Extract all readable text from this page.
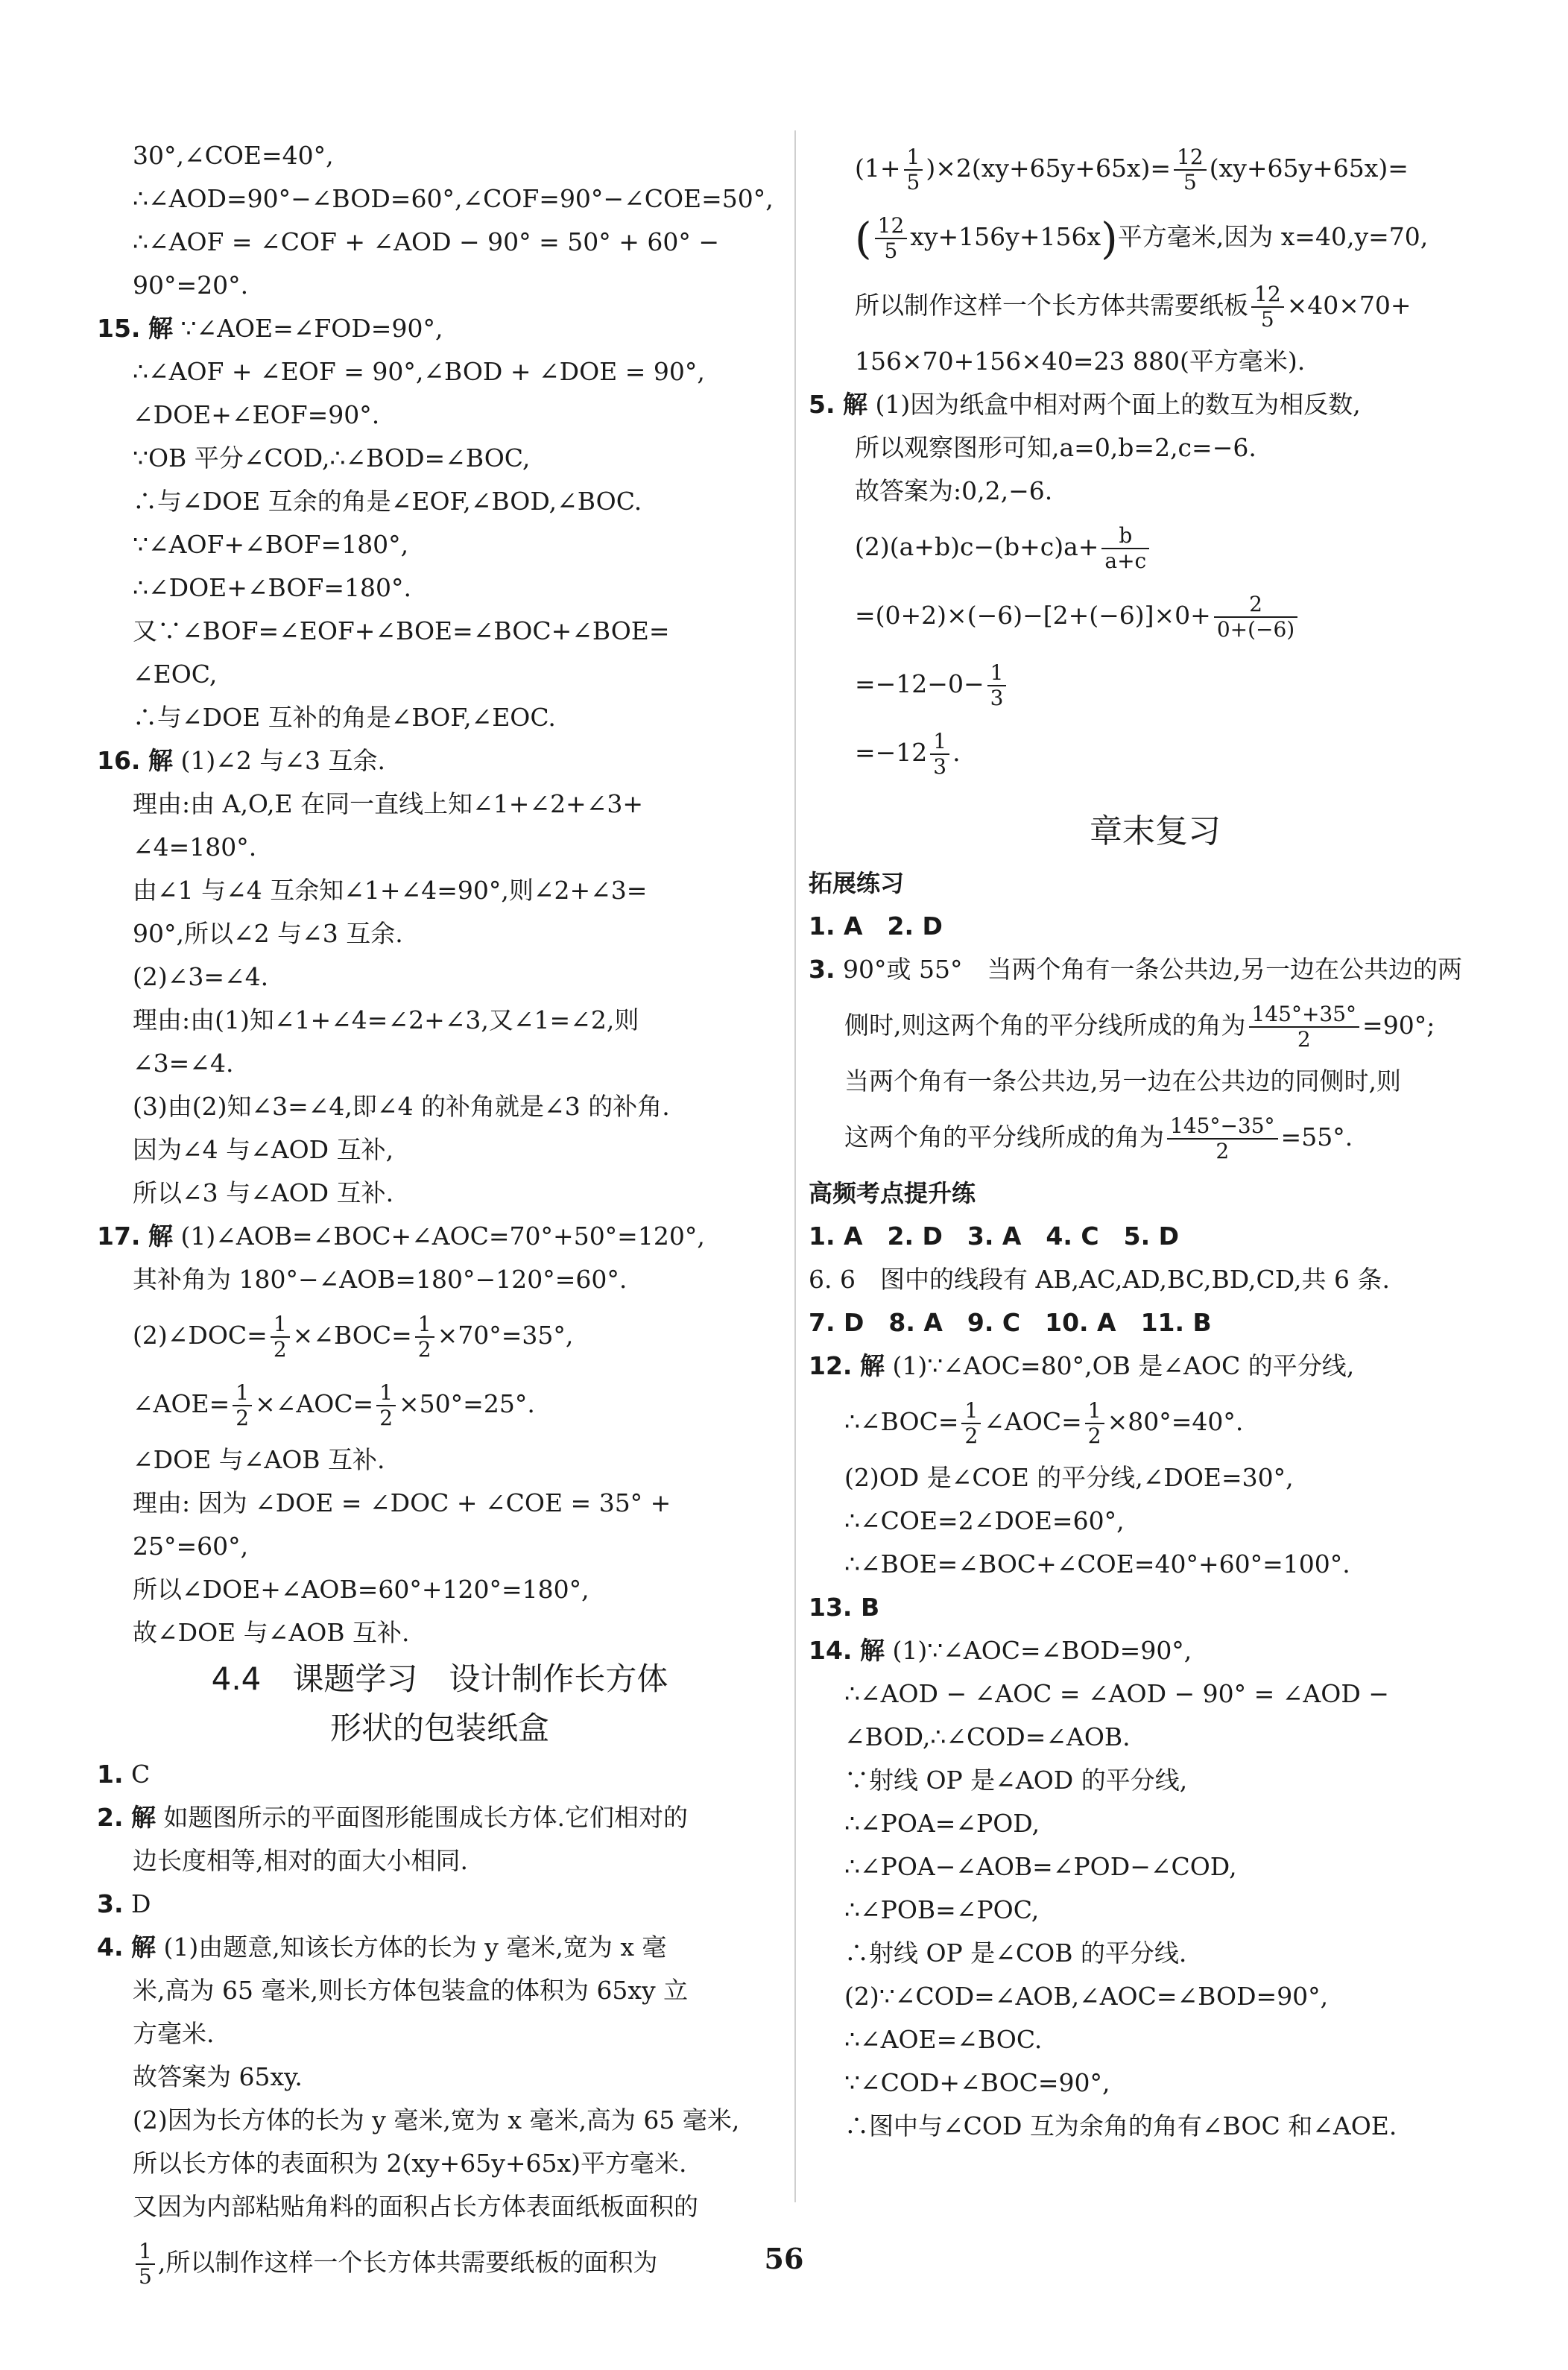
30°,∠COE=40°,
∴∠AOD=90°−∠BOD=60°,∠COF=90°−∠COE=50°,
∴∠AOF = ∠COF + ∠AOD − 90° = 50° + 60° −
90°=20°.
15. 解 ∵∠AOE=∠FOD=90°,
∴∠AOF + ∠EOF = 90°,∠BOD + ∠DOE = 90°,
∠DOE+∠EOF=90°.
∵OB 平分∠COD,∴∠BOD=∠BOC,
∴与∠DOE 互余的角是∠EOF,∠BOD,∠BOC.
∵∠AOF+∠BOF=180°,
∴∠DOE+∠BOF=180°.
又∵∠BOF=∠EOF+∠BOE=∠BOC+∠BOE=
∠EOC,
∴与∠DOE 互补的角是∠BOF,∠EOC.
16. 解 (1)∠2 与∠3 互余.
理由:由 A,O,E 在同一直线上知∠1+∠2+∠3+
∠4=180°.
由∠1 与∠4 互余知∠1+∠4=90°,则∠2+∠3=
90°,所以∠2 与∠3 互余.
(2)∠3=∠4.
理由:由(1)知∠1+∠4=∠2+∠3,又∠1=∠2,则
∠3=∠4.
(3)由(2)知∠3=∠4,即∠4 的补角就是∠3 的补角.
因为∠4 与∠AOD 互补,
所以∠3 与∠AOD 互补.
17. 解 (1)∠AOB=∠BOC+∠AOC=70°+50°=120°,
其补角为 180°−∠AOB=180°−120°=60°.
(2)∠DOC= $\frac{1}{2}$ ×∠BOC= $\frac{1}{2} \times 70^\circ=35^\circ$,
∠AOE= $\frac{1}{2}$ ×∠AOC= $\frac{1}{2} \times 50^\circ=25^\circ$.
∠DOE 与∠AOB 互补.
理由: 因为 ∠DOE = ∠DOC + ∠COE = 35° +
25°=60°,
所以∠DOE+∠AOB=60°+120°=180°,
故∠DOE 与∠AOB 互补.
4.4　课题学习　设计制作长方体
形状的包装纸盒
1. C
2. 解 如题图所示的平面图形能围成长方体.它们相对的
边长度相等,相对的面大小相同.
3. D
4. 解 (1)由题意,知该长方体的长为 y 毫米,宽为 x 毫
米,高为 65 毫米,则长方体包装盒的体积为 65xy 立
方毫米.
故答案为 65xy.
(2)因为长方体的长为 y 毫米,宽为 x 毫米,高为 65 毫米,
所以长方体的表面积为 2(xy+65y+65x)平方毫米.
又因为内部粘贴角料的面积占长方体表面纸板面积的
$\frac{1}{5}$ ,所以制作这样一个长方体共需要纸板的面积为
$(1+ \frac{1}{5} )\times 2(xy+65y+65x)= \frac{12}{5} (xy+65y+65x)=$
( $\frac{12}{5} xy+156y+156x$)平方毫米,因为 x=40,y=70,
所以制作这样一个长方体共需要纸板 $\frac{12}{5} \times 40\times 70+$
156×70+156×40=23 880(平方毫米).
5. 解 (1)因为纸盒中相对两个面上的数互为相反数,
所以观察图形可知,a=0,b=2,c=−6.
故答案为:0,2,−6.
$(2)(a+b)c-(b+c)a+ \frac{b}{a+c}$
$=(0+2)\times(-6)-[2+(-6)]\times 0+ \frac{2}{0+(-6)}$
$=-12-0- \frac{1}{3}$
$=-12 \frac{1}{3}$ .
章末复习
拓展练习
1. A　2. D
3. 90°或 55°　当两个角有一条公共边,另一边在公共边的两
侧时,则这两个角的平分线所成的角为 $\frac{145^\circ+35^\circ}{2} =90^\circ$;
当两个角有一条公共边,另一边在公共边的同侧时,则
这两个角的平分线所成的角为 $\frac{145^\circ-35^\circ}{2} =55^\circ$.
高频考点提升练
1. A　2. D　3. A　4. C　5. D
6. 6　图中的线段有 AB,AC,AD,BC,BD,CD,共 6 条.
7. D　8. A　9. C　10. A　11. B
12. 解 (1)∵∠AOC=80°,OB 是∠AOC 的平分线,
∴∠BOC= $\frac{1}{2}$ ∠AOC= $\frac{1}{2} \times 80^\circ=40^\circ$.
(2)OD 是∠COE 的平分线,∠DOE=30°,
∴∠COE=2∠DOE=60°,
∴∠BOE=∠BOC+∠COE=40°+60°=100°.
13. B
14. 解 (1)∵∠AOC=∠BOD=90°,
∴∠AOD − ∠AOC = ∠AOD − 90° = ∠AOD −
∠BOD,∴∠COD=∠AOB.
∵射线 OP 是∠AOD 的平分线,
∴∠POA=∠POD,
∴∠POA−∠AOB=∠POD−∠COD,
∴∠POB=∠POC,
∴射线 OP 是∠COB 的平分线.
(2)∵∠COD=∠AOB,∠AOC=∠BOD=90°,
∴∠AOE=∠BOC.
∵∠COD+∠BOC=90°,
∴图中与∠COD 互为余角的角有∠BOC 和∠AOE.
56
